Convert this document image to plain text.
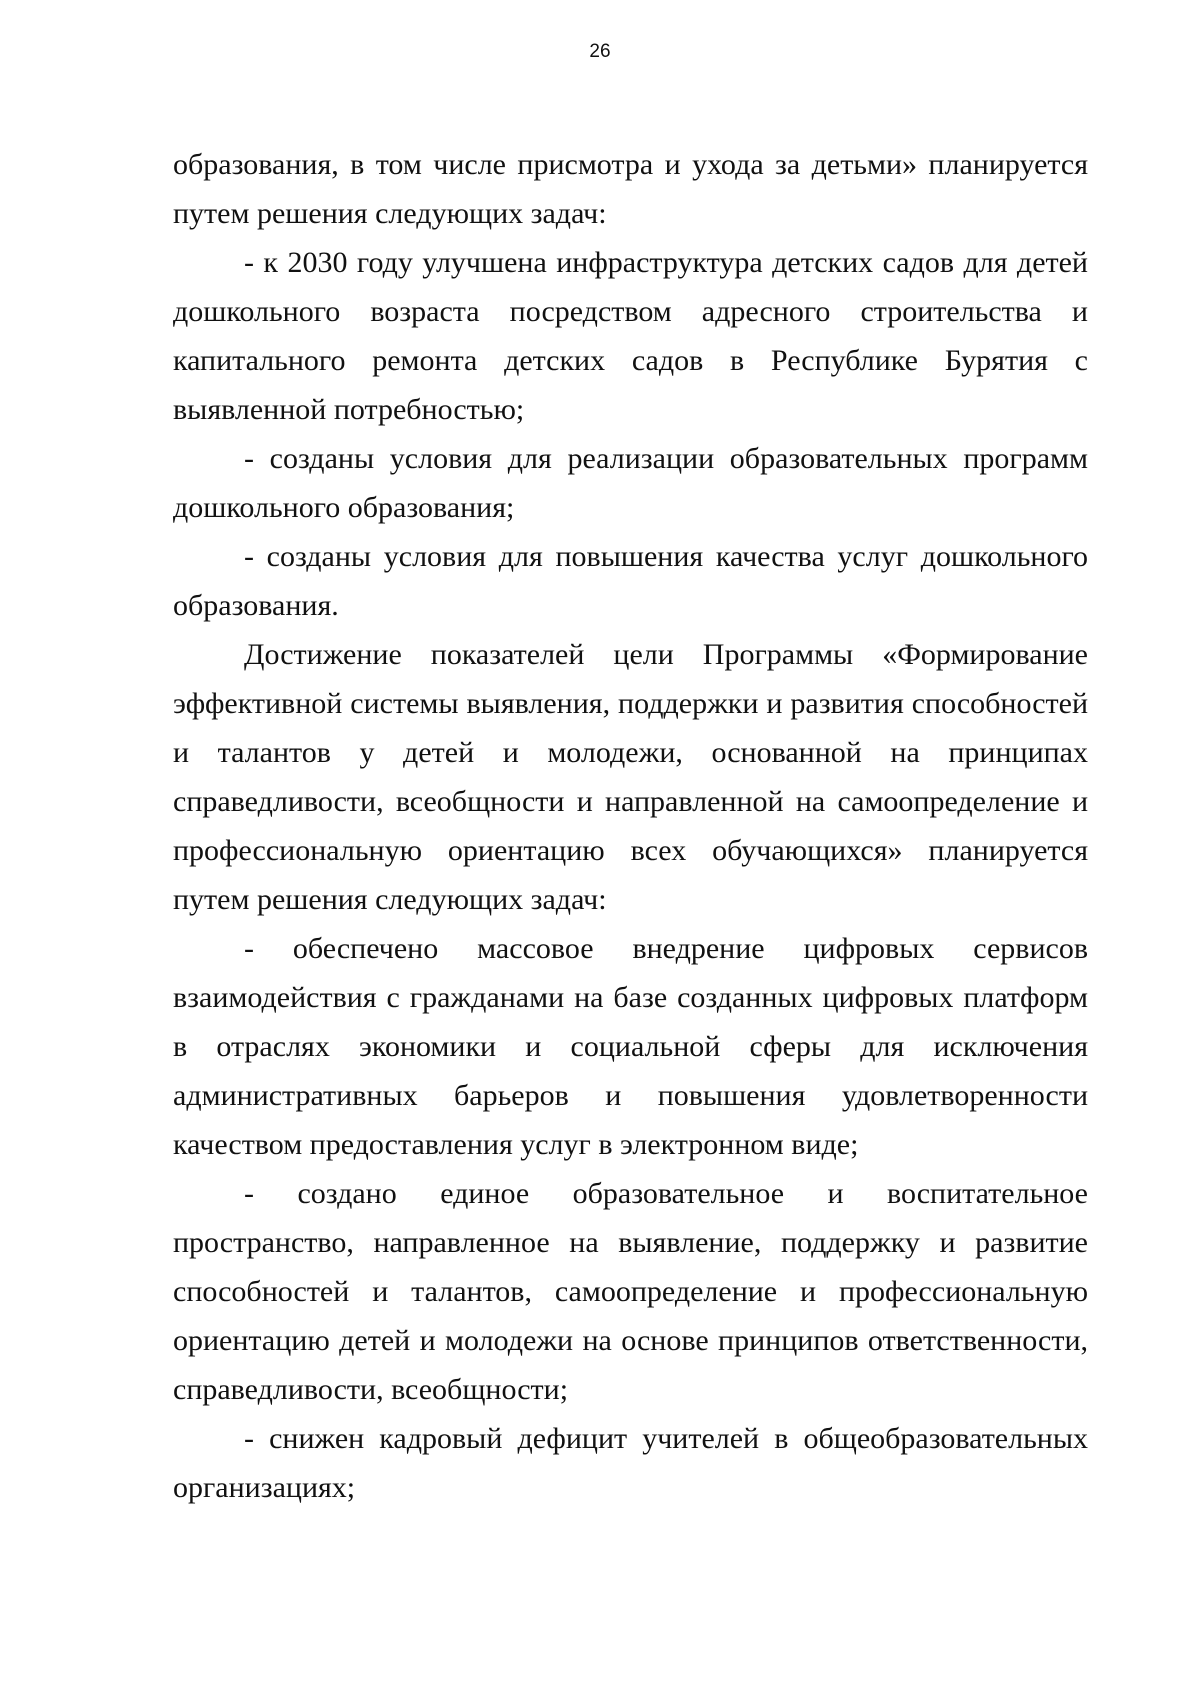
26

образования, в том числе присмотра и ухода за детьми» планируется путем решения следующих задач:

- к 2030 году улучшена инфраструктура детских садов для детей дошкольного возраста посредством адресного строительства и капитального ремонта детских садов в Республике Бурятия с выявленной потребностью;

- созданы условия для реализации образовательных программ дошкольного образования;

- созданы условия для повышения качества услуг дошкольного образования.

Достижение показателей цели Программы «Формирование эффективной системы выявления, поддержки и развития способностей и талантов у детей и молодежи, основанной на принципах справедливости, всеобщности и направленной на самоопределение и профессиональную ориентацию всех обучающихся» планируется путем решения следующих задач:

- обеспечено массовое внедрение цифровых сервисов взаимодействия с гражданами на базе созданных цифровых платформ в отраслях экономики и социальной сферы для исключения административных барьеров и повышения удовлетворенности качеством предоставления услуг в электронном виде;

- создано единое образовательное и воспитательное пространство, направленное на выявление, поддержку и развитие способностей и талантов, самоопределение и профессиональную ориентацию детей и молодежи на основе принципов ответственности, справедливости, всеобщности;

- снижен кадровый дефицит учителей в общеобразовательных организациях;
